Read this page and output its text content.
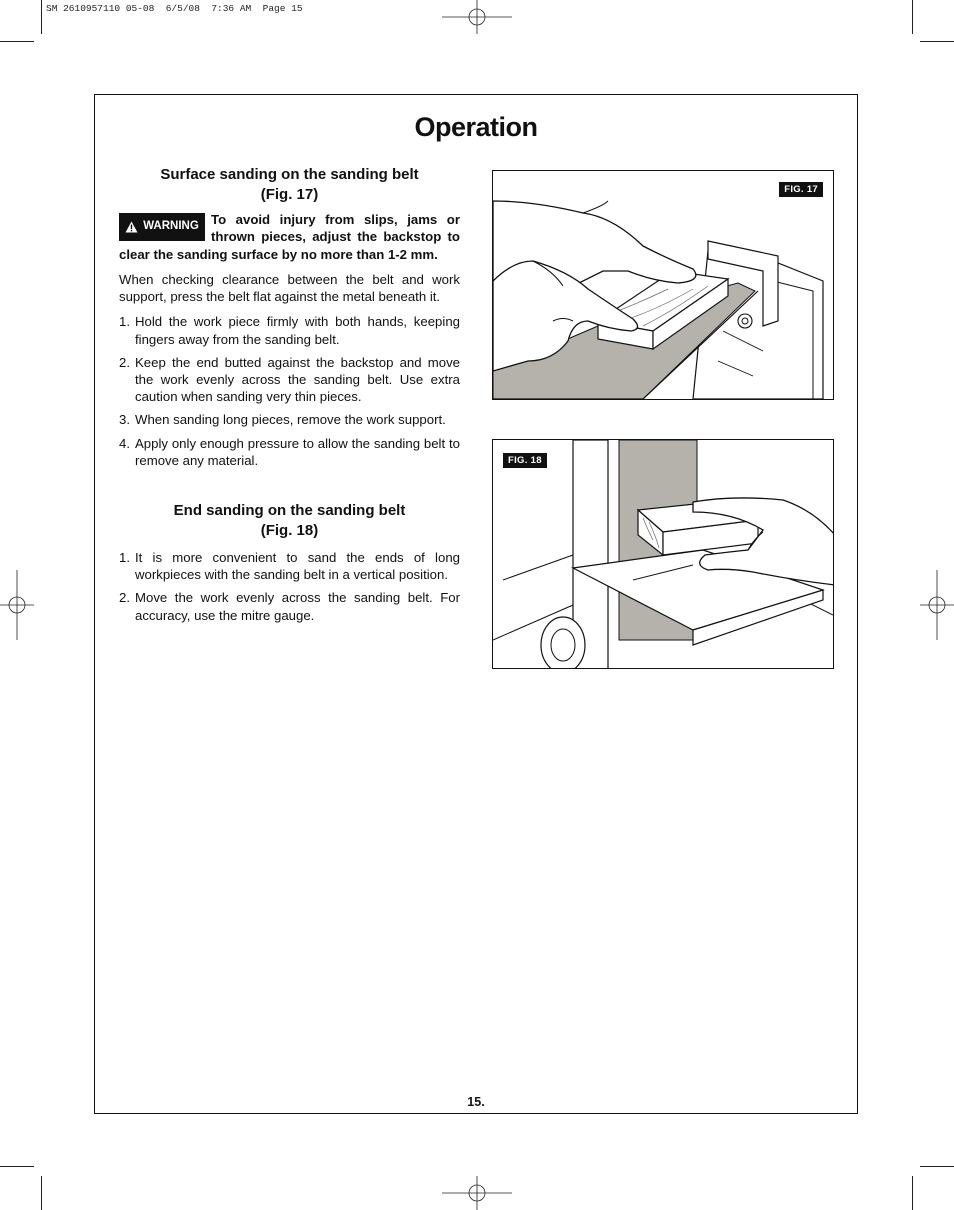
SM 2610957110 05-08  6/5/08  7:36 AM  Page 15
Operation
Surface sanding on the sanding belt
(Fig. 17)
WARNING To avoid injury from slips, jams or thrown pieces, adjust the backstop to clear the sanding surface by no more than 1-2 mm.

When checking clearance between the belt and work support, press the belt flat against the metal beneath it.

1. Hold the work piece firmly with both hands, keeping fingers away from the sanding belt.
2. Keep the end butted against the backstop and move the work evenly across the sanding belt. Use extra caution when sanding very thin pieces.
3. When sanding long pieces, remove the work support.
4. Apply only enough pressure to allow the sanding belt to remove any material.
End sanding on the sanding belt
(Fig. 18)
1. It is more convenient to sand the ends of long workpieces with the sanding belt in a vertical position.
2. Move the work evenly across the sanding belt. For accuracy, use the mitre gauge.
FIG. 17
FIG. 18
15.
